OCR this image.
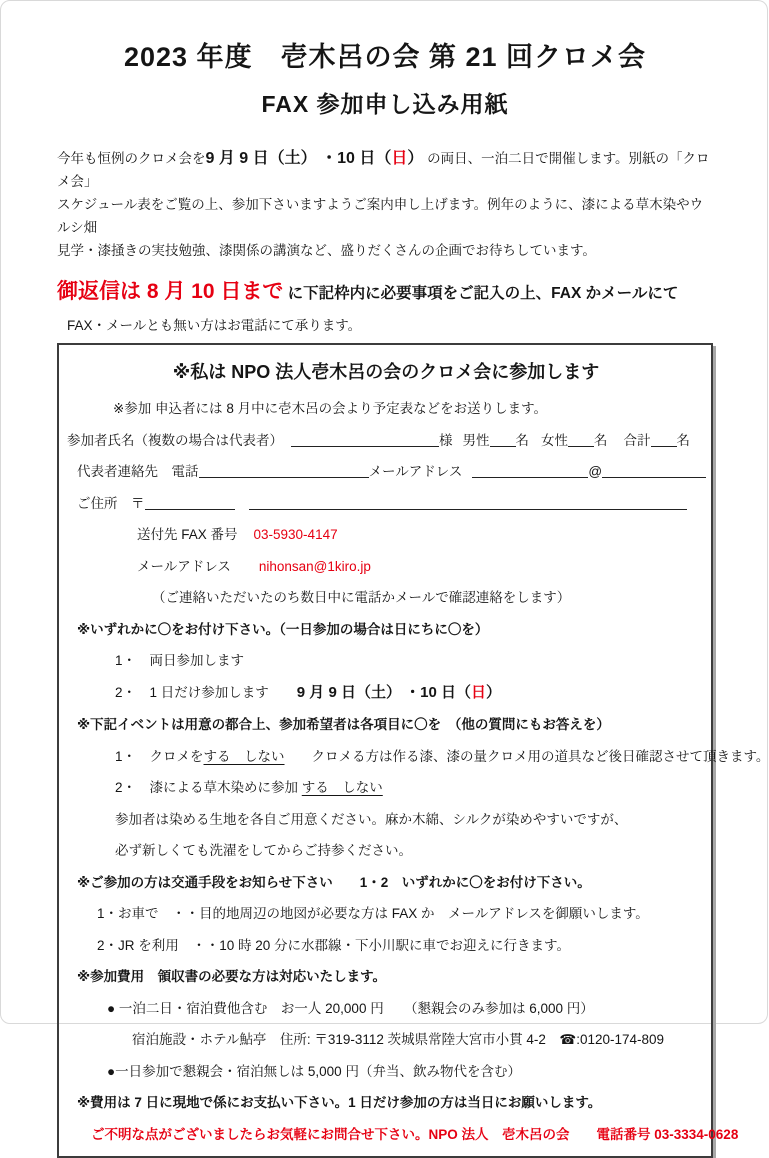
2023 年度　壱木呂の会 第 21 回クロメ会
FAX 参加申し込み用紙
今年も恒例のクロメ会を9 月 9 日（土） ・10 日（日） の両日、一泊二日で開催します。別紙の「クロメ会」
スケジュール表をご覧の上、参加下さいますようご案内申し上げます。例年のように、漆による草木染やウルシ畑
見学・漆掻きの実技勉強、漆関係の講演など、盛りだくさんの企画でお待ちしています。
御返信は 8 月 10 日まで に下記枠内に必要事項をご記入の上、FAX かメールにて
FAX・メールとも無い方はお電話にて承ります。
※私は NPO 法人壱木呂の会のクロメ会に参加します
※参加 申込者には 8 月中に壱木呂の会より予定表などをお送りします。
参加者氏名（複数の場合は代表者）	様 男性 名 女性 名 合計 名
代表者連絡先　電話	メールアドレス	@
ご住所　〒
送付先 FAX 番号 03-5930-4147
メールアドレス nihonsan@1kiro.jp
（ご連絡いただいたのち数日中に電話かメールで確認連絡をします）
※いずれかに〇をお付け下さい。（一日参加の場合は日にちに〇を）
1・　両日参加します
2・　1 日だけ参加します 9 月 9 日（土） ・10 日（日）
※下記イベントは用意の都合上、参加希望者は各項目に〇を　（他の質問にもお答えを）
1・　クロメをする　しない　　クロメる方は作る漆、漆の量クロメ用の道具など後日確認させて頂きます。
2・　漆による草木染めに参加 する　しない
参加者は染める生地を各自ご用意ください。麻か木綿、シルクが染めやすいですが、
必ず新しくても洗濯をしてからご持参ください。
※ご参加の方は交通手段をお知らせ下さい　　1・2　いずれかに〇をお付け下さい。
1・お車で　・・目的地周辺の地図が必要な方は FAX か　メールアドレスを御願いします。
2・JR を利用　・・10 時 20 分に水郡線・下小川駅に車でお迎えに行きます。
※参加費用　領収書の必要な方は対応いたします。
● 一泊二日・宿泊費他含む　お一人 20,000 円　　（懇親会のみ参加は 6,000 円）
宿泊施設・ホテル鮎亭　住所: 〒319-3112 茨城県常陸大宮市小貫 4-2　☎:0120-174-809
●一日参加で懇親会・宿泊無しは 5,000 円（弁当、飲み物代を含む）
※費用は 7 日に現地で係にお支払い下さい。1 日だけ参加の方は当日にお願いします。
ご不明な点がございましたらお気軽にお問合せ下さい。NPO 法人　壱木呂の会　　電話番号 03-3334-0628
